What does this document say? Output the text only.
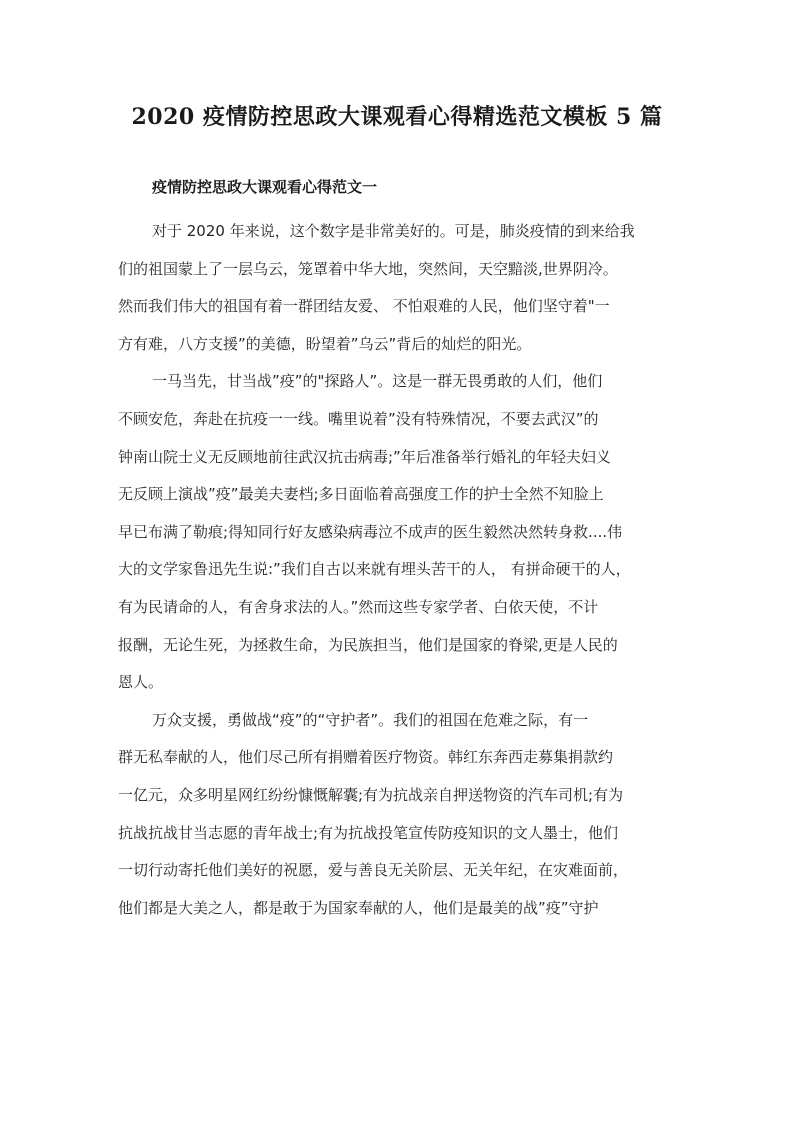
2020 疫情防控思政大课观看心得精选范文模板 5 篇
疫情防控思政大课观看心得范文一
对于 2020 年来说，这个数字是非常美好的。可是，肺炎疫情的到来给我
们的祖国蒙上了一层乌云，笼罩着中华大地，突然间，天空黯淡,世界阴冷。
然而我们伟大的祖国有着一群团结友爱、 不怕艰难的人民，他们坚守着"一
方有难，八方支援”的美德，盼望着”乌云”背后的灿烂的阳光。
一马当先，甘当战”疫”的"探路人”。这是一群无畏勇敢的人们，他们
不顾安危，奔赴在抗疫一一线。嘴里说着”没有特殊情况，不要去武汉”的
钟南山院士义无反顾地前往武汉抗击病毒;”年后准备举行婚礼的年轻夫妇义
无反顾上演战”疫”最美夫妻档;多日面临着高强度工作的护士全然不知脸上
早已布满了勒痕;得知同行好友感染病毒泣不成声的医生毅然决然转身救....伟
大的文学家鲁迅先生说:”我们自古以来就有埋头苦干的人， 有拼命硬干的人，
有为民请命的人，有舍身求法的人。”然而这些专家学者、白依天使，不计
报酬，无论生死，为拯救生命，为民族担当，他们是国家的脊梁,更是人民的
恩人。
万众支援，勇做战“疫”的“守护者”。我们的祖国在危难之际，有一
群无私奉献的人，他们尽己所有捐赠着医疗物资。韩红东奔西走募集捐款约
一亿元，众多明星网红纷纷慷慨解囊;有为抗战亲自押送物资的汽车司机;有为
抗战抗战甘当志愿的青年战士;有为抗战投笔宣传防疫知识的文人墨士，他们
一切行动寄托他们美好的祝愿，爱与善良无关阶层、无关年纪，在灾难面前，
他们都是大美之人，都是敢于为国家奉献的人，他们是最美的战”疫”守护
